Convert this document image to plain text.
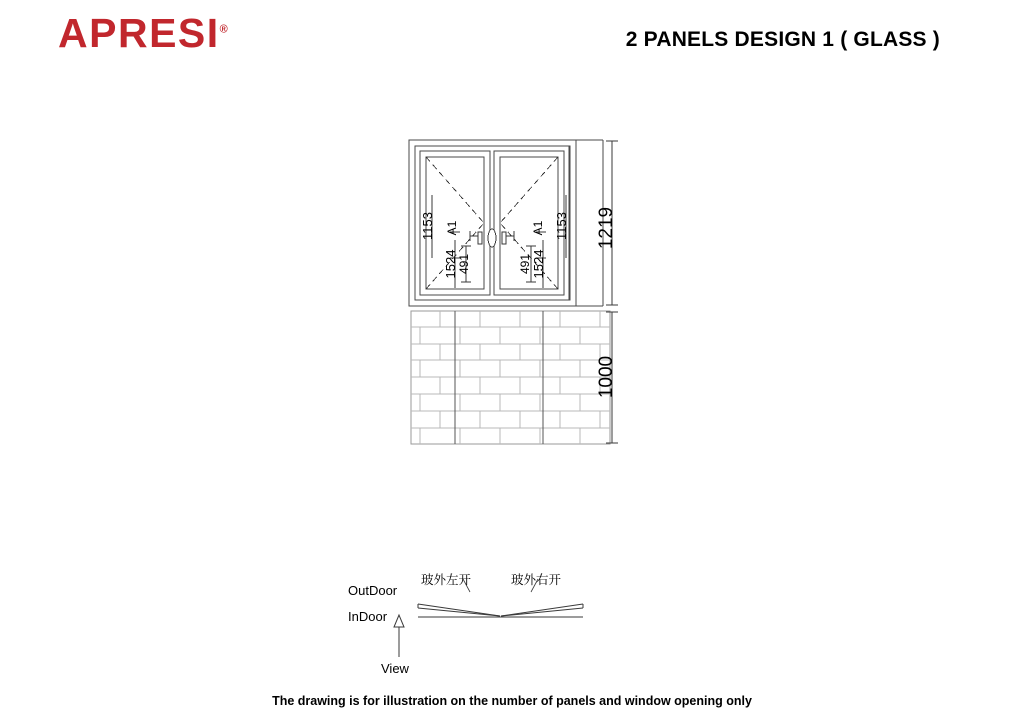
APRESI®	2 PANELS DESIGN 1 ( GLASS )
1219
1000
1153 A1
1524 491
1153
A1
1524
491
OutDoor
InDoor
View
玻外左开	玻外右开
The drawing is for illustration on the number of panels and window opening only
